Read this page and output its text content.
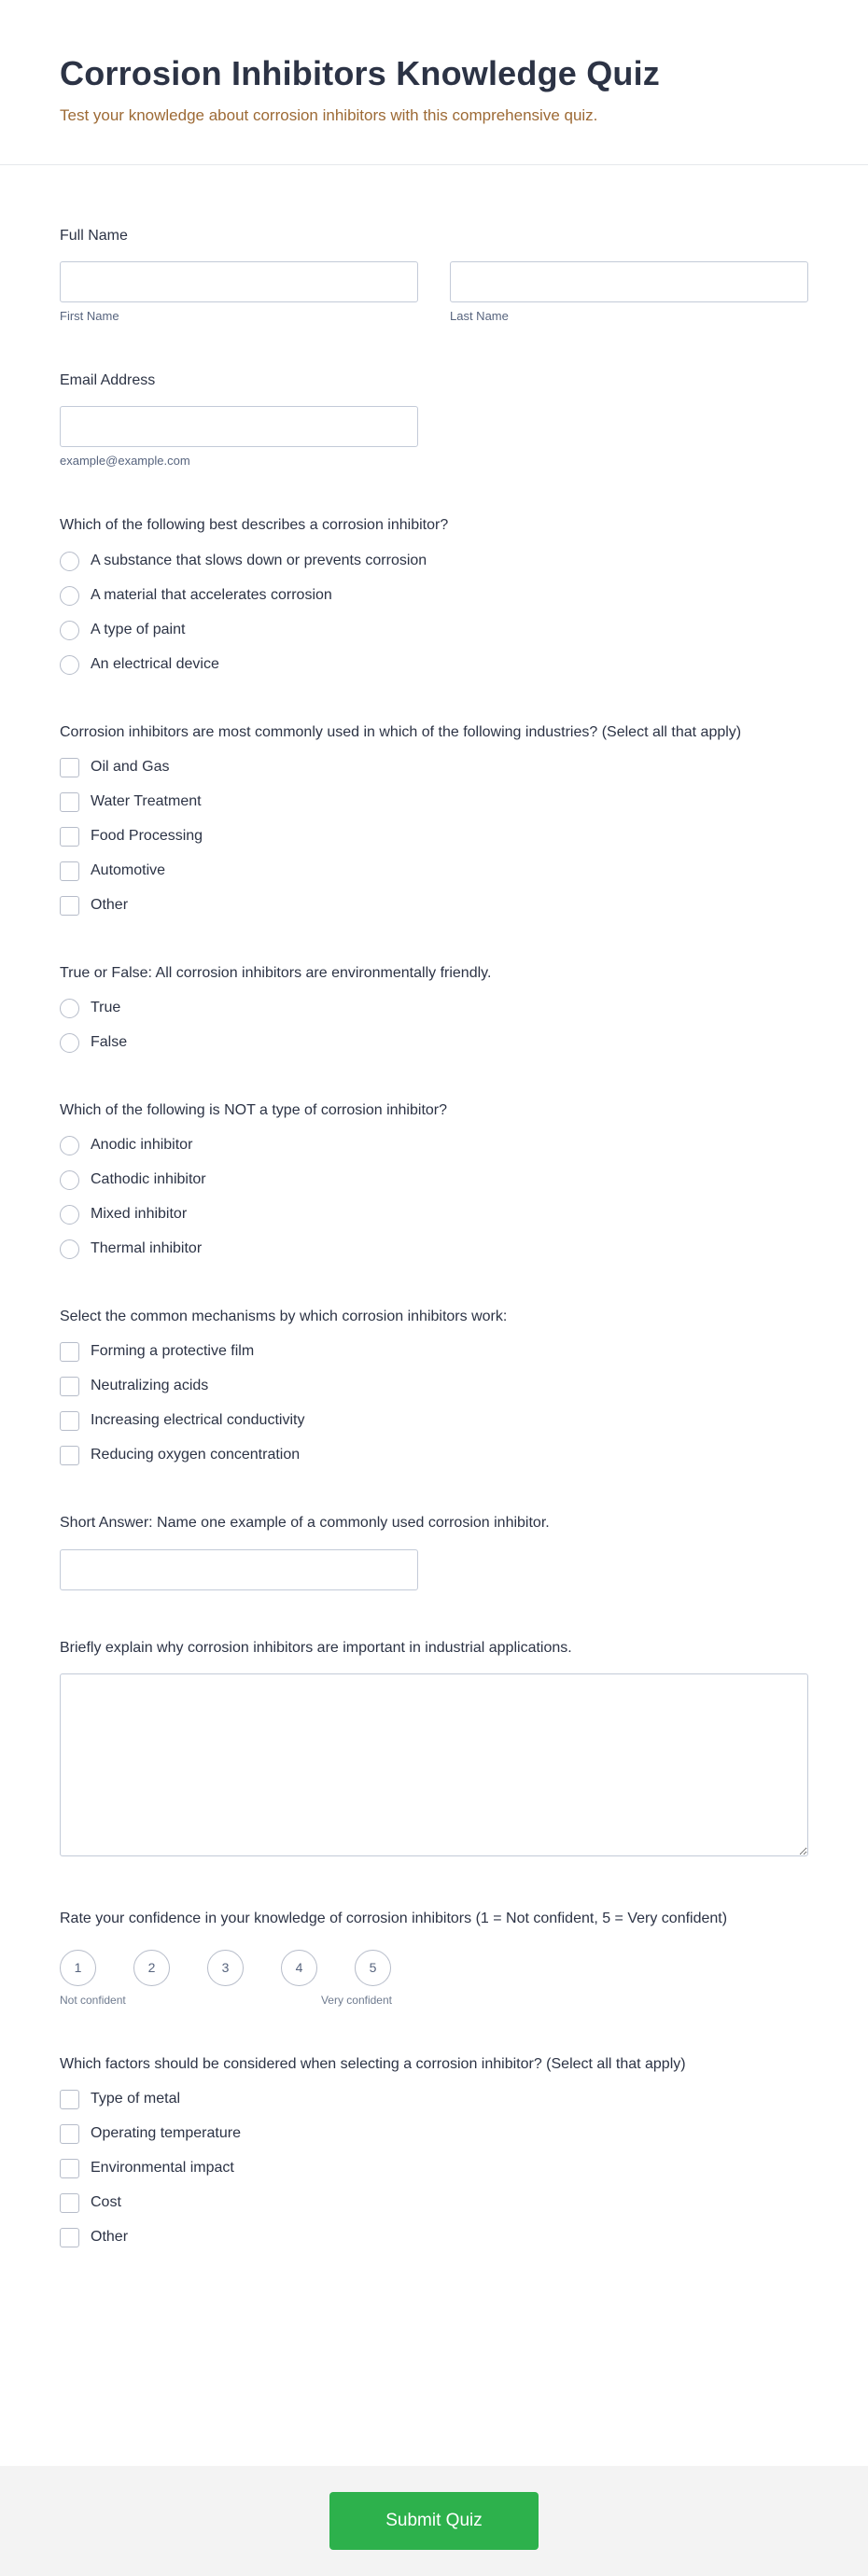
Corrosion Inhibitors Knowledge Quiz
Test your knowledge about corrosion inhibitors with this comprehensive quiz.
Full Name
First Name	Last Name
Email Address
example@example.com
Which of the following best describes a corrosion inhibitor?
A substance that slows down or prevents corrosion
A material that accelerates corrosion
A type of paint
An electrical device
Corrosion inhibitors are most commonly used in which of the following industries? (Select all that apply)
Oil and Gas
Water Treatment
Food Processing
Automotive
Other
True or False: All corrosion inhibitors are environmentally friendly.
True
False
Which of the following is NOT a type of corrosion inhibitor?
Anodic inhibitor
Cathodic inhibitor
Mixed inhibitor
Thermal inhibitor
Select the common mechanisms by which corrosion inhibitors work:
Forming a protective film
Neutralizing acids
Increasing electrical conductivity
Reducing oxygen concentration
Short Answer: Name one example of a commonly used corrosion inhibitor.
Briefly explain why corrosion inhibitors are important in industrial applications.
Rate your confidence in your knowledge of corrosion inhibitors (1 = Not confident, 5 = Very confident)
1	2	3	4	5
Not confident	Very confident
Which factors should be considered when selecting a corrosion inhibitor? (Select all that apply)
Type of metal
Operating temperature
Environmental impact
Cost
Other
Submit Quiz
